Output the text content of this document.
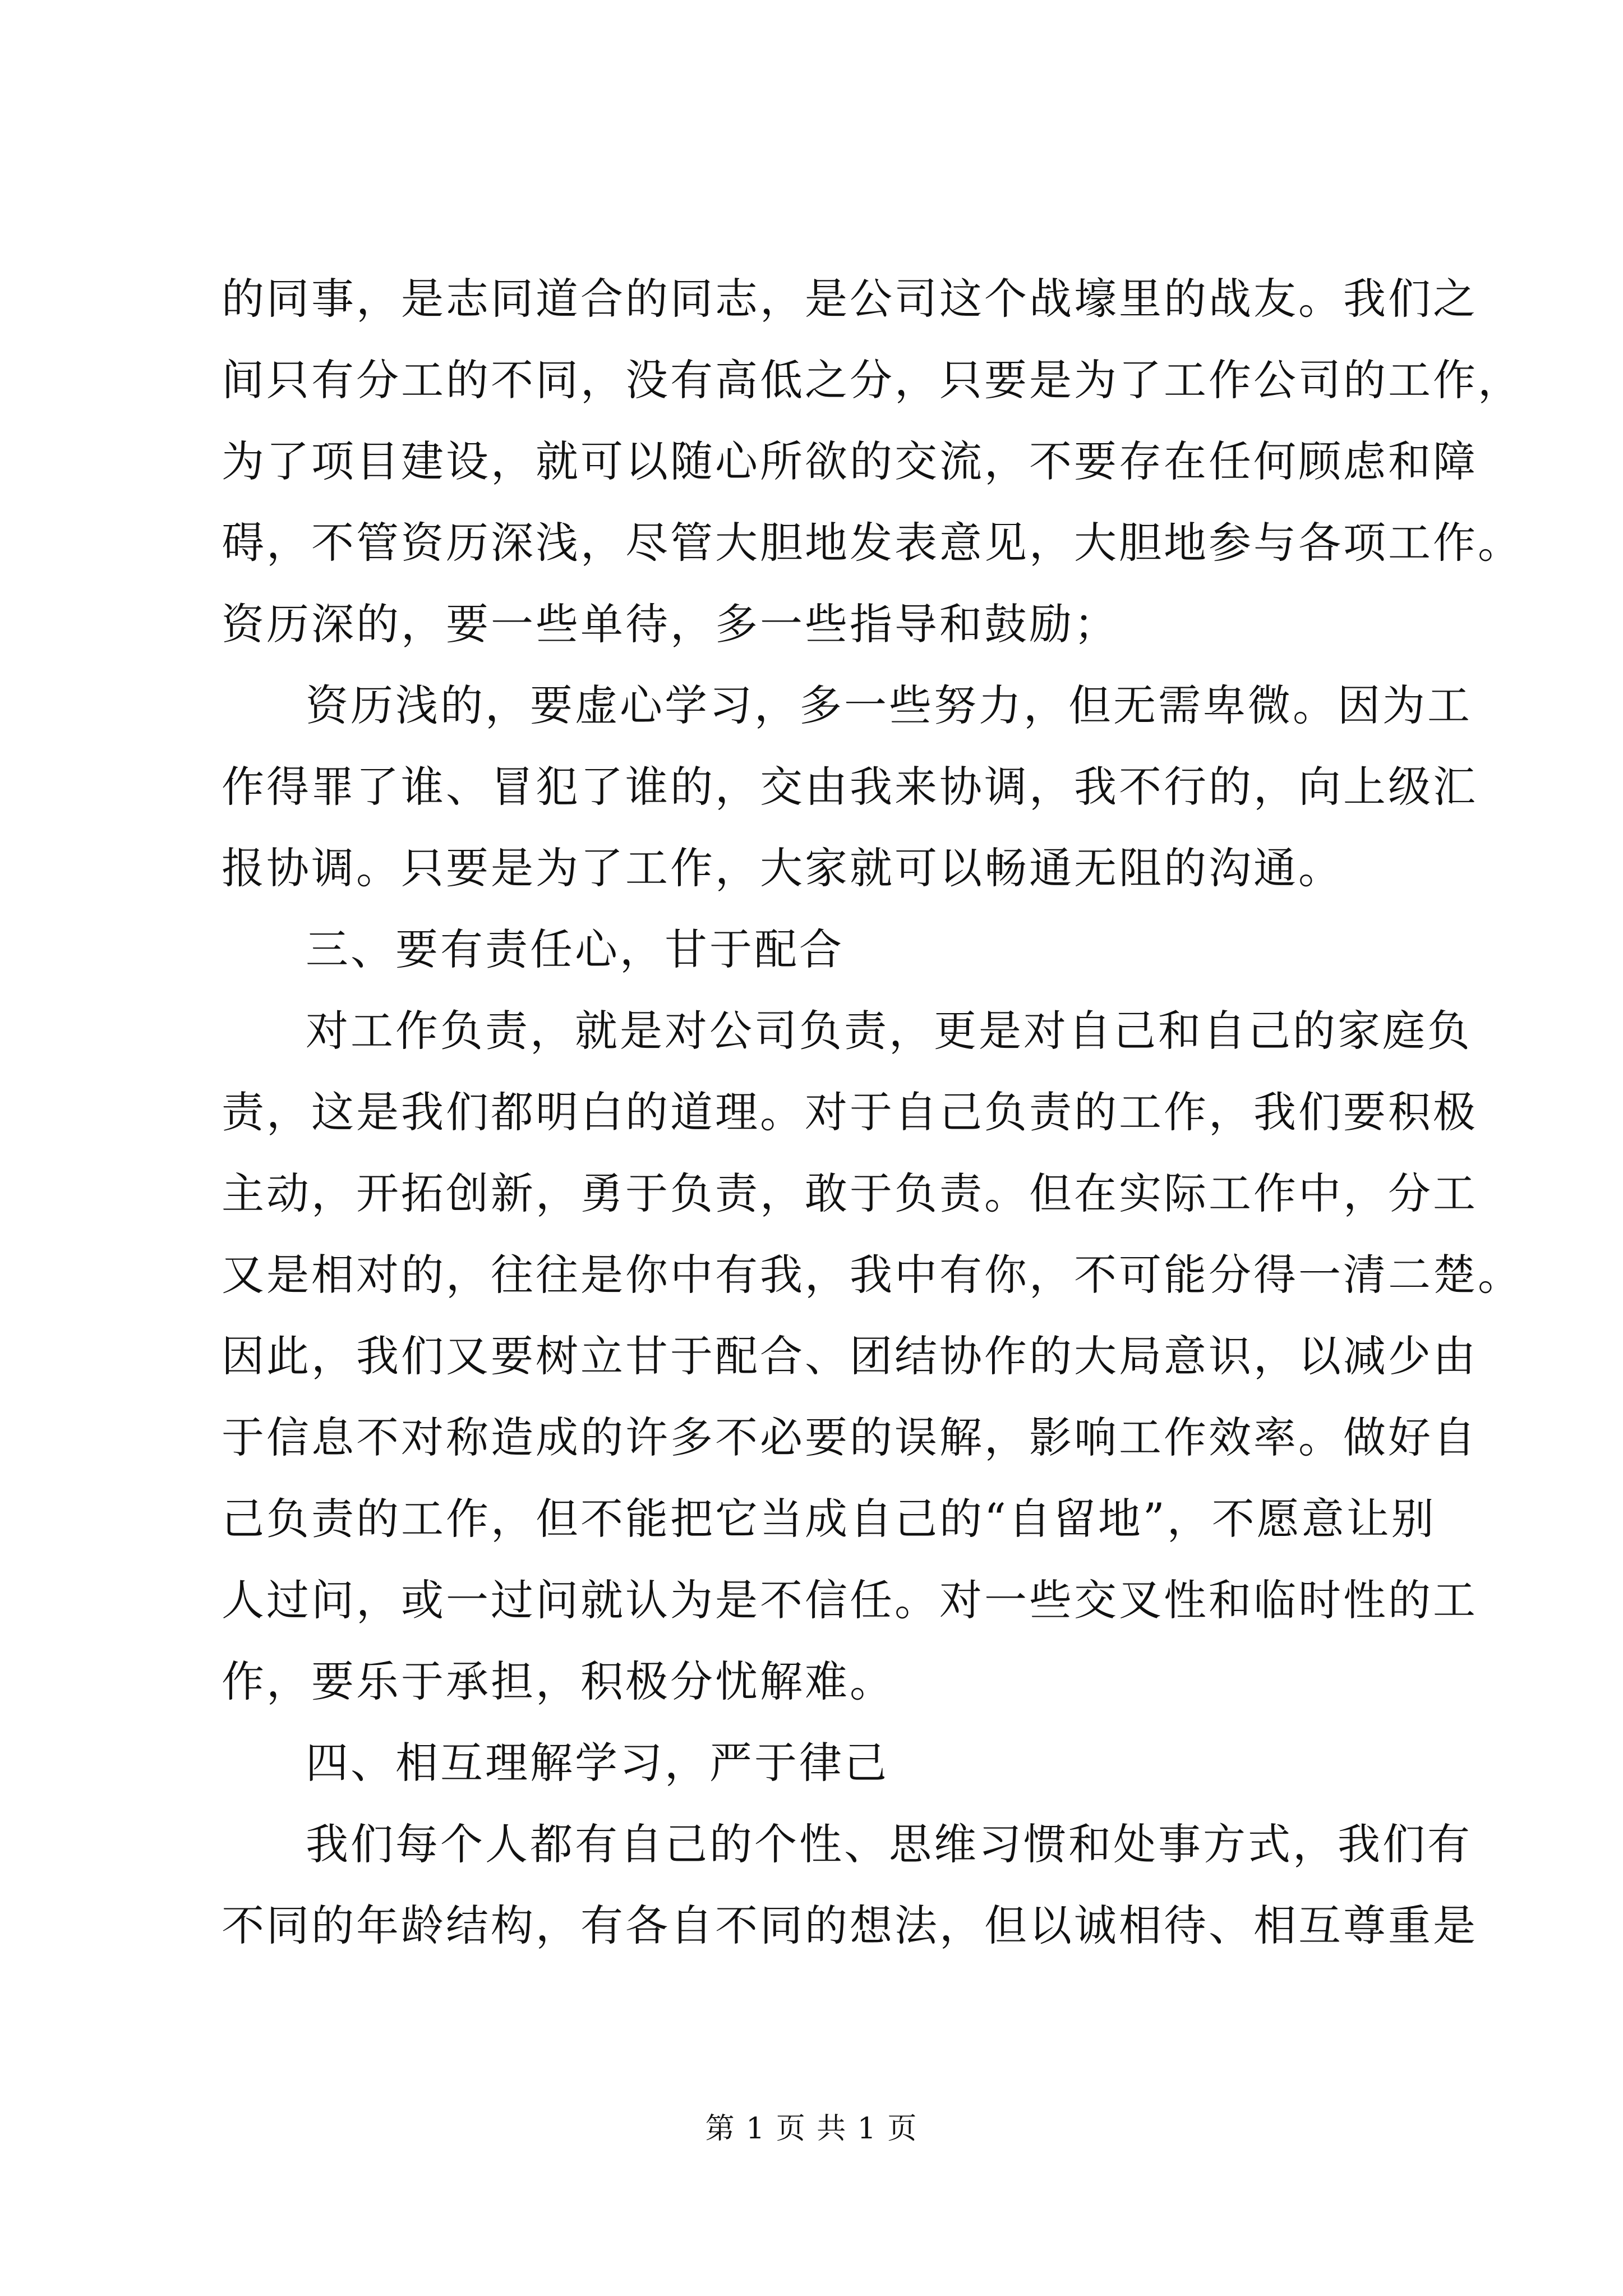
的同事，是志同道合的同志，是公司这个战壕里的战友。我们之
间只有分工的不同，没有高低之分，只要是为了工作公司的工作，
为了项目建设，就可以随心所欲的交流，不要存在任何顾虑和障
碍，不管资历深浅，尽管大胆地发表意见，大胆地参与各项工作。
资历深的，要一些单待，多一些指导和鼓励；
资历浅的，要虚心学习，多一些努力，但无需卑微。因为工
作得罪了谁、冒犯了谁的，交由我来协调，我不行的，向上级汇
报协调。只要是为了工作，大家就可以畅通无阻的沟通。
三、要有责任心，甘于配合
对工作负责，就是对公司负责，更是对自己和自己的家庭负
责，这是我们都明白的道理。对于自己负责的工作，我们要积极
主动，开拓创新，勇于负责，敢于负责。但在实际工作中，分工
又是相对的，往往是你中有我，我中有你，不可能分得一清二楚。
因此，我们又要树立甘于配合、团结协作的大局意识，以减少由
于信息不对称造成的许多不必要的误解，影响工作效率。做好自
己负责的工作，但不能把它当成自己的“自留地”，不愿意让别
人过问，或一过问就认为是不信任。对一些交叉性和临时性的工
作，要乐于承担，积极分忧解难。
四、相互理解学习，严于律己
我们每个人都有自己的个性、思维习惯和处事方式，我们有
不同的年龄结构，有各自不同的想法，但以诚相待、相互尊重是
第 1 页 共 1 页
